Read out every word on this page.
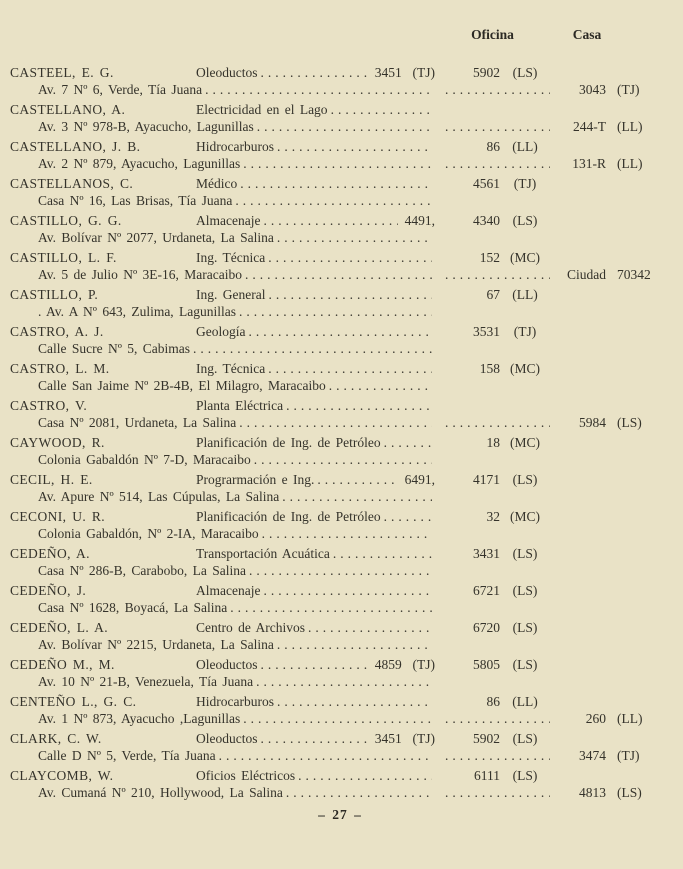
Oficina	Casa
CASTEEL, E. G.	Oleoductos .....	3451  (TJ)	5902 (LS)
Av. 7 Nº 6, Verde, Tía Juana ..... .....	3043 (TJ)
CASTELLANO, A.	Electricidad en el Lago
.....
Av. 3 Nº 978-B, Ayacucho, Lagunillas ..... .....	244-T (LL)
CASTELLANO, J. B.	Hidrocarburos .....	86 (LL)
Av. 2 Nº 879, Ayacucho, Lagunillas ..... .....	131-R (LL)
CASTELLANOS, C.	Médico .....	4561	(TJ)
Casa Nº 16, Las Brisas, Tía Juana
.....
CASTILLO, G. G.	Almacenaje .....	4491,	4340 (LS)
Av. Bolívar Nº 2077, Urdaneta, La Salina
.....
CASTILLO, L. F.	Ing. Técnica .....	152 (MC)
Av. 5 de Julio Nº 3E-16, Maracaibo ..... .....	Ciudad 70342
CASTILLO, P.	Ing. General .....	67 (LL)
. Av. A Nº 643, Zulima, Lagunillas
.....
CASTRO, A. J.	Geología .....	3531	(TJ)
Calle Sucre Nº 5, Cabimas
.....
CASTRO, L. M.	Ing. Técnica .....	158 (MC)
Calle San Jaime Nº 2B-4B, El Milagro, Maracaibo
.....
CASTRO, V.	Planta Eléctrica
.....
Casa Nº 2081, Urdaneta, La Salina ..... .....	5984 (LS)
CAYWOOD, R.	Planificación de Ing. de Petróleo .....	18 (MC)
Colonia Gabaldón Nº 7-D, Maracaibo
.....
CECIL, H. E.	Prograrmación e Ing. .....	6491,	4171 (LS)
Av. Apure Nº 514, Las Cúpulas, La Salina
.....
CECONI, U. R.	Planificación de Ing. de Petróleo .....	32 (MC)
Colonia Gabaldón, Nº 2-IA, Maracaibo
.....
CEDEÑO, A.	Transportación Acuática .....	3431 (LS)
Casa Nº 286-B, Carabobo, La Salina
.....
CEDEÑO, J.	Almacenaje .....	6721 (LS)
Casa Nº 1628, Boyacá, La Salina
.....
CEDEÑO, L. A.	Centro de Archivos .....	6720 (LS)
Av. Bolívar Nº 2215, Urdaneta, La Salina
.....
CEDEÑO M., M.	Oleoductos .....	4859  (TJ)	5805 (LS)
Av. 10 Nº 21-B, Venezuela, Tía Juana
.....
CENTEÑO L., G. C.	Hidrocarburos .....	86 (LL)
Av. 1 Nº 873, Ayacucho ,Lagunillas ..... .....	260 (LL)
CLARK, C. W.	Oleoductos .....	3451  (TJ)	5902 (LS)
Calle D Nº 5, Verde, Tía Juana ..... .....	3474 (TJ)
CLAYCOMB, W.	Oficios Eléctricos .....	6111 (LS)
Av. Cumaná Nº 210, Hollywood, La Salina ..... .....	4813 (LS)
– 27 –
